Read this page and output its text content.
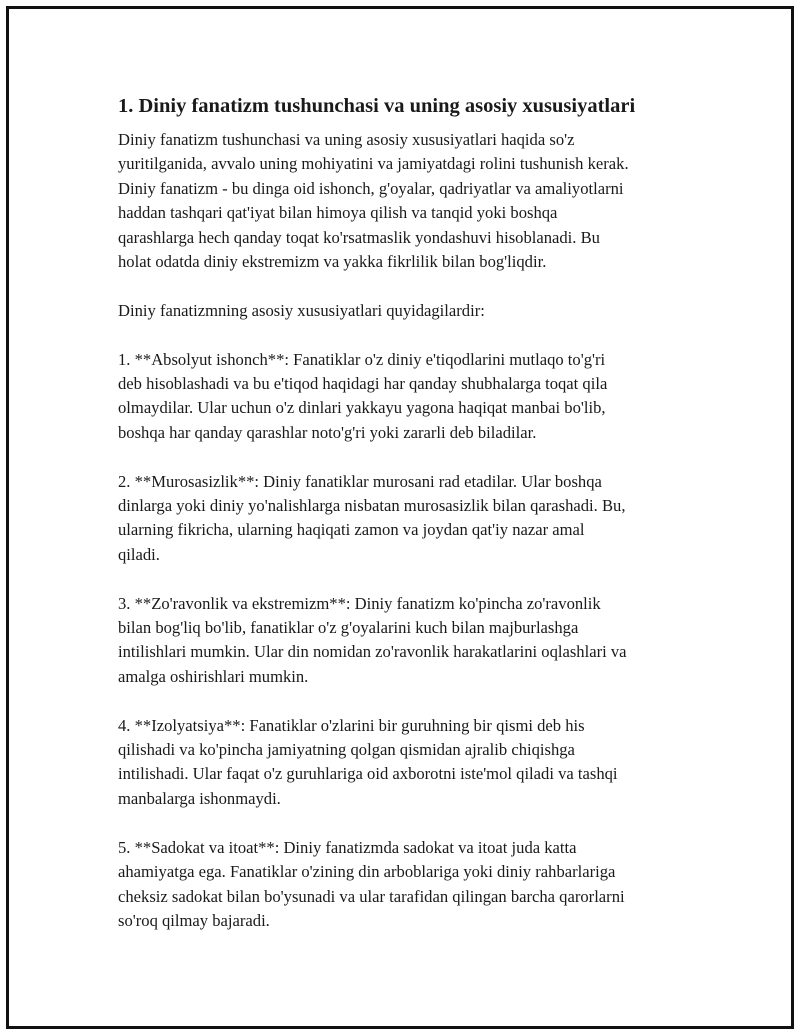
1. Diniy fanatizm tushunchasi va uning asosiy xususiyatlari

Diniy fanatizm tushunchasi va uning asosiy xususiyatlari haqida so'z
yuritilganida, avvalo uning mohiyatini va jamiyatdagi rolini tushunish kerak.
Diniy fanatizm - bu dinga oid ishonch, g'oyalar, qadriyatlar va amaliyotlarni
haddan tashqari qat'iyat bilan himoya qilish va tanqid yoki boshqa
qarashlarga hech qanday toqat ko'rsatmaslik yondashuvi hisoblanadi. Bu
holat odatda diniy ekstremizm va yakka fikrlilik bilan bog'liqdir.

Diniy fanatizmning asosiy xususiyatlari quyidagilardir:

1. **Absolyut ishonch**: Fanatiklar o'z diniy e'tiqodlarini mutlaqo to'g'ri
deb hisoblashadi va bu e'tiqod haqidagi har qanday shubhalarga toqat qila
olmaydilar. Ular uchun o'z dinlari yakkayu yagona haqiqat manbai bo'lib,
boshqa har qanday qarashlar noto'g'ri yoki zararli deb biladilar.

2. **Murosasizlik**: Diniy fanatiklar murosani rad etadilar. Ular boshqa
dinlarga yoki diniy yo'nalishlarga nisbatan murosasizlik bilan qarashadi. Bu,
ularning fikricha, ularning haqiqati zamon va joydan qat'iy nazar amal
qiladi.

3. **Zo'ravonlik va ekstremizm**: Diniy fanatizm ko'pincha zo'ravonlik
bilan bog'liq bo'lib, fanatiklar o'z g'oyalarini kuch bilan majburlashga
intilishlari mumkin. Ular din nomidan zo'ravonlik harakatlarini oqlashlari va
amalga oshirishlari mumkin.

4. **Izolyatsiya**: Fanatiklar o'zlarini bir guruhning bir qismi deb his
qilishadi va ko'pincha jamiyatning qolgan qismidan ajralib chiqishga
intilishadi. Ular faqat o'z guruhlariga oid axborotni iste'mol qiladi va tashqi
manbalarga ishonmaydi.

5. **Sadokat va itoat**: Diniy fanatizmda sadokat va itoat juda katta
ahamiyatga ega. Fanatiklar o'zining din arboblariga yoki diniy rahbarlariga
cheksiz sadokat bilan bo'ysunadi va ular tarafidan qilingan barcha qarorlarni
so'roq qilmay bajaradi.
